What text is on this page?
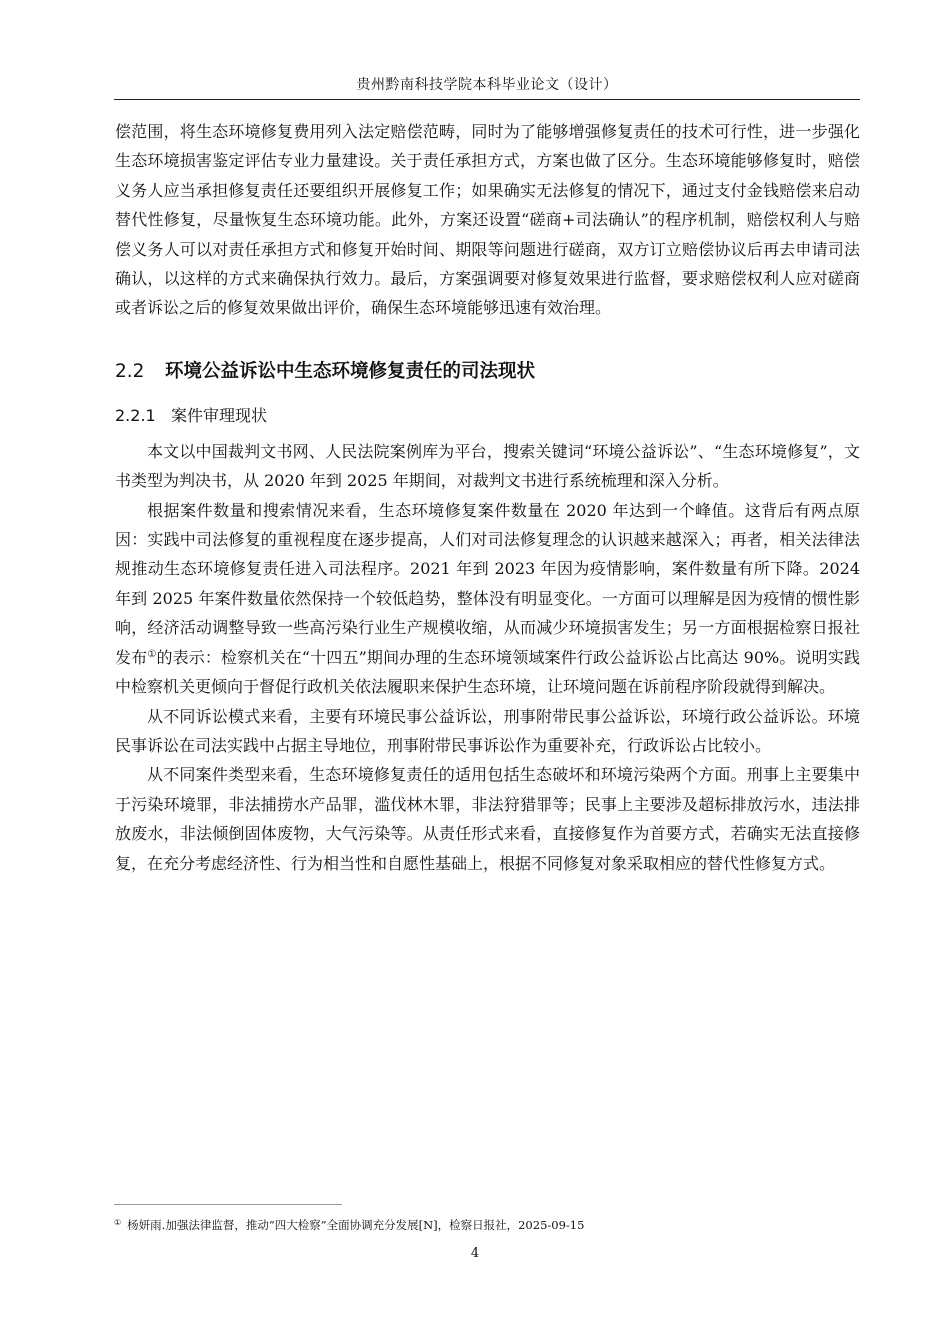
贵州黔南科技学院本科毕业论文（设计）

偿范围，将生态环境修复费用列入法定赔偿范畴，同时为了能够增强修复责任的技术可行性，进一步强化生态环境损害鉴定评估专业力量建设。关于责任承担方式，方案也做了区分。生态环境能够修复时，赔偿义务人应当承担修复责任还要组织开展修复工作；如果确实无法修复的情况下，通过支付金钱赔偿来启动替代性修复，尽量恢复生态环境功能。此外，方案还设置“磋商+司法确认”的程序机制，赔偿权利人与赔偿义务人可以对责任承担方式和修复开始时间、期限等问题进行磋商，双方订立赔偿协议后再去申请司法确认，以这样的方式来确保执行效力。最后，方案强调要对修复效果进行监督，要求赔偿权利人应对磋商或者诉讼之后的修复效果做出评价，确保生态环境能够迅速有效治理。

2.2 环境公益诉讼中生态环境修复责任的司法现状
2.2.1 案件审理现状

本文以中国裁判文书网、人民法院案例库为平台，搜索关键词“环境公益诉讼”、“生态环境修复”，文书类型为判决书，从 2020 年到 2025 年期间，对裁判文书进行系统梳理和深入分析。

根据案件数量和搜索情况来看，生态环境修复案件数量在 2020 年达到一个峰值。这背后有两点原因：实践中司法修复的重视程度在逐步提高，人们对司法修复理念的认识越来越深入；再者，相关法律法规推动生态环境修复责任进入司法程序。2021 年到 2023 年因为疫情影响，案件数量有所下降。2024 年到 2025 年案件数量依然保持一个较低趋势，整体没有明显变化。一方面可以理解是因为疫情的惯性影响，经济活动调整导致一些高污染行业生产规模收缩，从而减少环境损害发生；另一方面根据检察日报社发布①的表示：检察机关在“十四五”期间办理的生态环境领域案件行政公益诉讼占比高达 90%。说明实践中检察机关更倾向于督促行政机关依法履职来保护生态环境，让环境问题在诉前程序阶段就得到解决。

从不同诉讼模式来看，主要有环境民事公益诉讼，刑事附带民事公益诉讼，环境行政公益诉讼。环境民事诉讼在司法实践中占据主导地位，刑事附带民事诉讼作为重要补充，行政诉讼占比较小。

从不同案件类型来看，生态环境修复责任的适用包括生态破坏和环境污染两个方面。刑事上主要集中于污染环境罪，非法捕捞水产品罪，滥伐林木罪，非法狩猎罪等；民事上主要涉及超标排放污水，违法排放废水，非法倾倒固体废物，大气污染等。从责任形式来看，直接修复作为首要方式，若确实无法直接修复，在充分考虑经济性、行为相当性和自愿性基础上，根据不同修复对象采取相应的替代性修复方式。

① 杨妍雨.加强法律监督，推动“四大检察”全面协调充分发展[N]，检察日报社，2025-09-15
4
